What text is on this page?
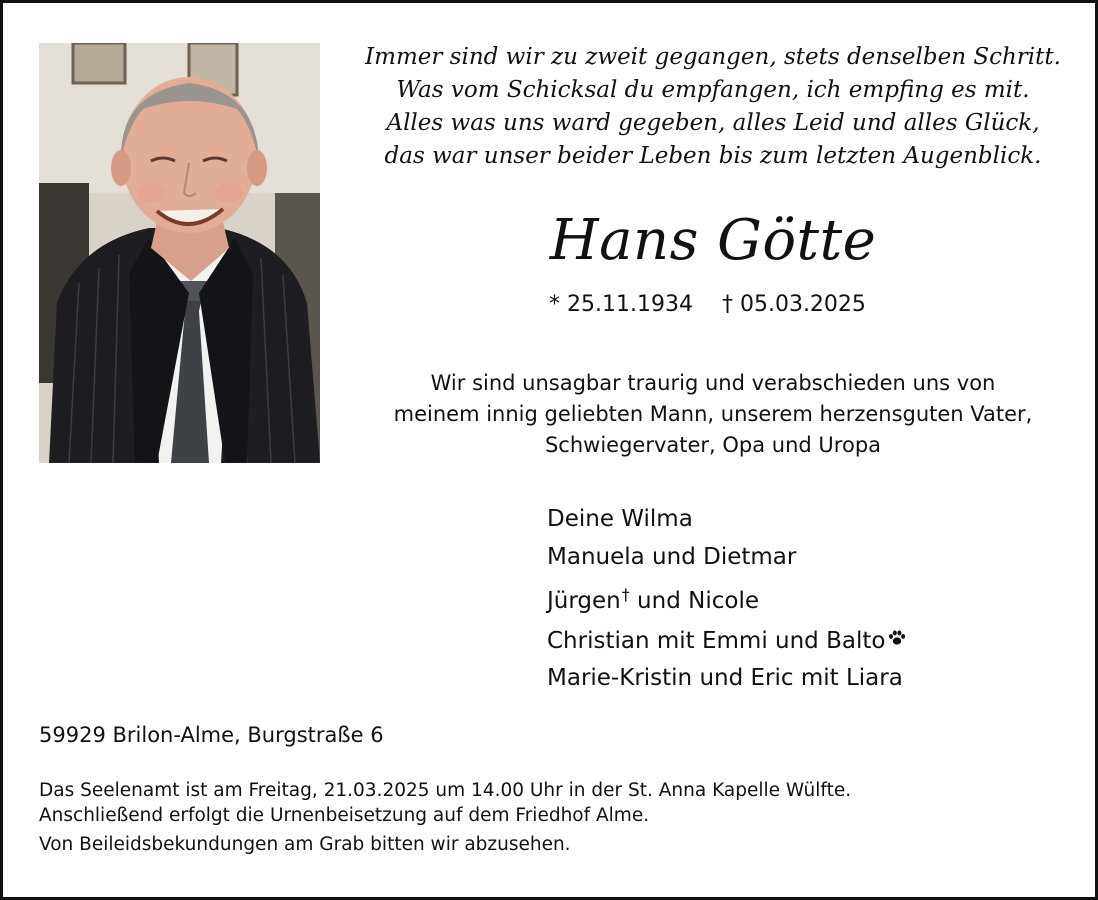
Immer sind wir zu zweit gegangen, stets denselben Schritt.
Was vom Schicksal du empfangen, ich empfing es mit.
Alles was uns ward gegeben, alles Leid und alles Glück,
das war unser beider Leben bis zum letzten Augenblick.
Hans Götte
* 25.11.1934 † 05.03.2025
Wir sind unsagbar traurig und verabschieden uns von
meinem innig geliebten Mann, unserem herzensguten Vater,
Schwiegervater, Opa und Uropa
Deine Wilma
Manuela und Dietmar
Jürgen† und Nicole
Christian mit Emmi und Balto
Marie-Kristin und Eric mit Liara
59929 Brilon-Alme, Burgstraße 6
Das Seelenamt ist am Freitag, 21.03.2025 um 14.00 Uhr in der St. Anna Kapelle Wülfte.
Anschließend erfolgt die Urnenbeisetzung auf dem Friedhof Alme.
Von Beileidsbekundungen am Grab bitten wir abzusehen.
